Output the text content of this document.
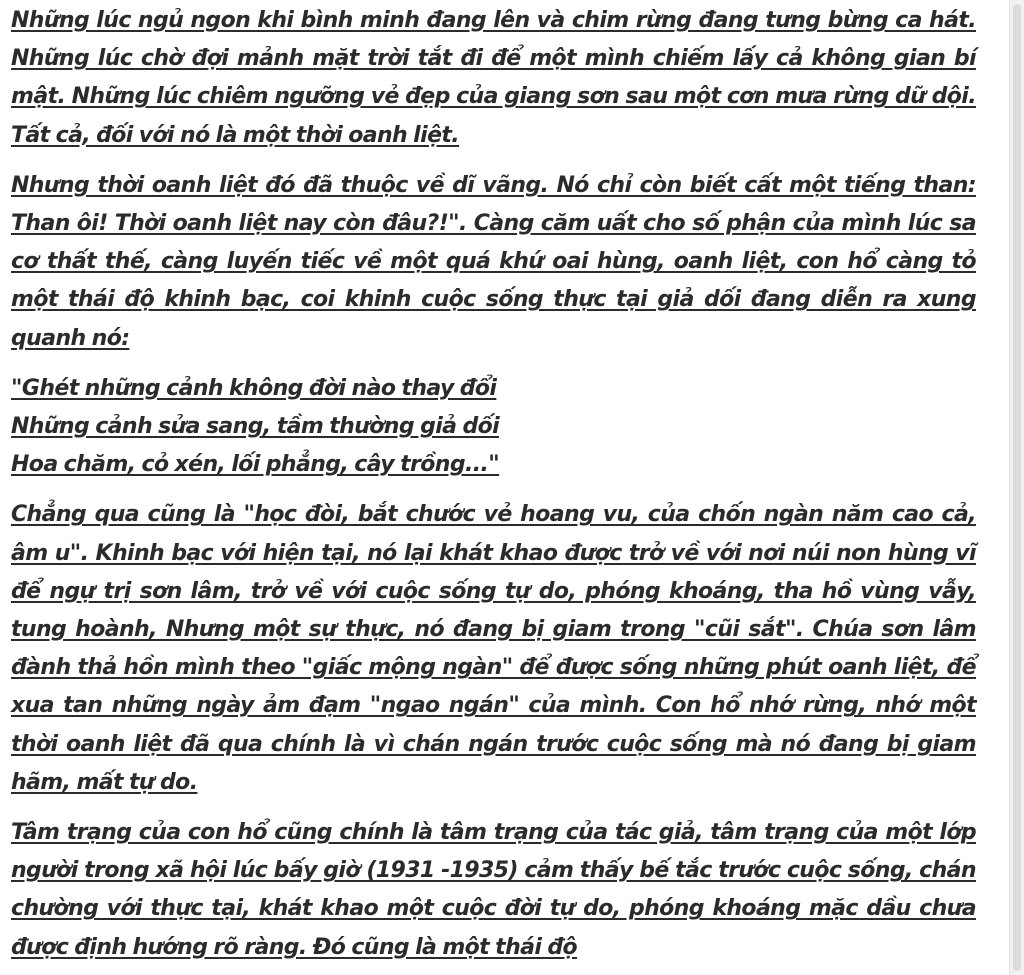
Những lúc ngủ ngon khi bình minh đang lên và chim rừng đang tưng bừng ca hát. Những lúc chờ đợi mảnh mặt trời tắt đi để một mình chiếm lấy cả không gian bí mật. Những lúc chiêm ngưỡng vẻ đẹp của giang sơn sau một cơn mưa rừng dữ dội. Tất cả, đối với nó là một thời oanh liệt.

Nhưng thời oanh liệt đó đã thuộc về dĩ vãng. Nó chỉ còn biết cất một tiếng than: Than ôi! Thời oanh liệt nay còn đâu?!". Càng căm uất cho số phận của mình lúc sa cơ thất thế, càng luyến tiếc về một quá khứ oai hùng, oanh liệt, con hổ càng tỏ một thái độ khinh bạc, coi khinh cuộc sống thực tại giả dối đang diễn ra xung quanh nó:

"Ghét những cảnh không đời nào thay đổi
Những cảnh sửa sang, tầm thường giả dối
Hoa chăm, cỏ xén, lối phẳng, cây trồng..."

Chẳng qua cũng là "học đòi, bắt chước vẻ hoang vu, của chốn ngàn năm cao cả, âm u". Khinh bạc với hiện tại, nó lại khát khao được trở về với nơi núi non hùng vĩ để ngự trị sơn lâm, trở về với cuộc sống tự do, phóng khoáng, tha hồ vùng vẫy, tung hoành, Nhưng một sự thực, nó đang bị giam trong "cũi sắt". Chúa sơn lâm đành thả hồn mình theo "giấc mộng ngàn" để được sống những phút oanh liệt, để xua tan những ngày ảm đạm "ngao ngán" của mình. Con hổ nhớ rừng, nhớ một thời oanh liệt đã qua chính là vì chán ngán trước cuộc sống mà nó đang bị giam hãm, mất tự do.

Tâm trạng của con hổ cũng chính là tâm trạng của tác giả, tâm trạng của một lớp người trong xã hội lúc bấy giờ (1931 -1935) cảm thấy bế tắc trước cuộc sống, chán chường với thực tại, khát khao một cuộc đời tự do, phóng khoáng mặc dầu chưa được định hướng rõ ràng. Đó cũng là một thái độ
